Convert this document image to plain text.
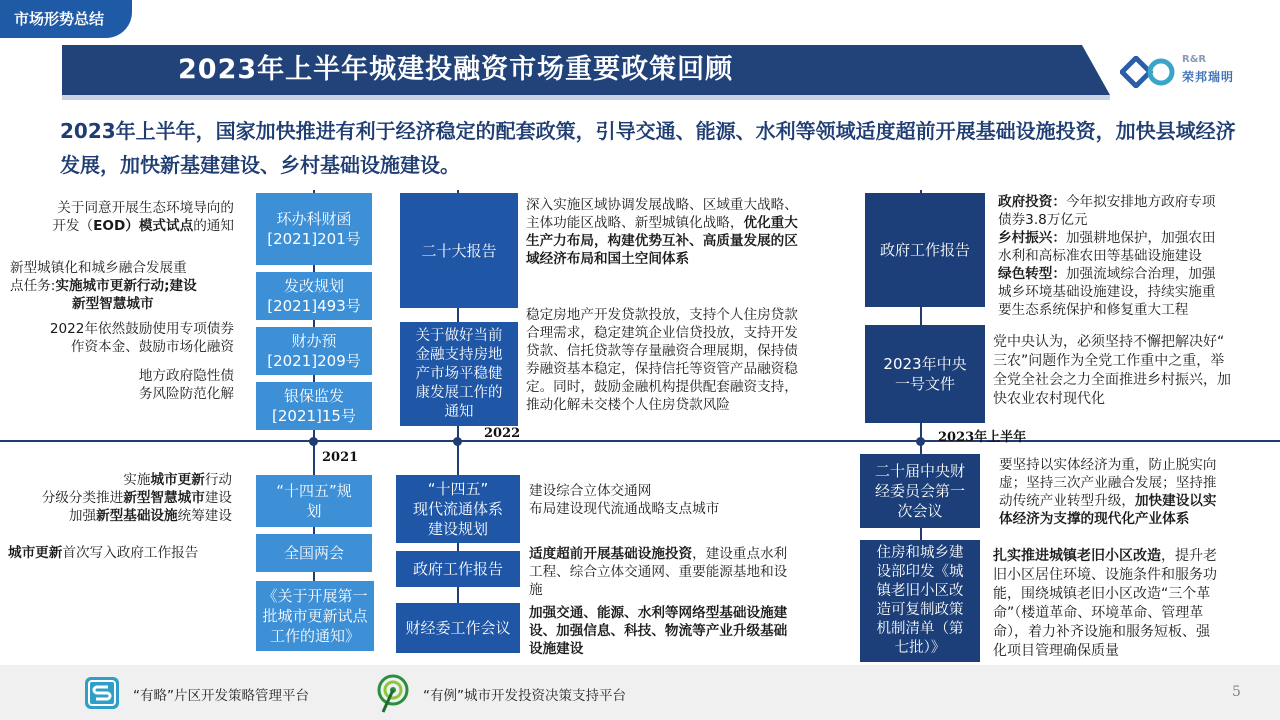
市场形势总结
2023年上半年城建投融资市场重要政策回顾	R&R
荣邦瑞明
2023年上半年，国家加快推进有利于经济稳定的配套政策，引导交通、能源、水利等领域适度超前开展基础设施投资，加快县域经济发展，加快新基建建设、乡村基础设施建设。
2021
2022	2023年上半年
环办科财函
[2021]201号
发改规划
[2021]493号
财办预
[2021]209号
银保监发
[2021]15号
关于同意开展生态环境导向的
开发（EOD）模式试点的通知
新型城镇化和城乡融合发展重
点任务:实施城市更新行动;建设
新型智慧城市
2022年依然鼓励使用专项债券
作资本金、鼓励市场化融资
地方政府隐性债
务风险防范化解
“十四五”规
划
全国两会
《关于开展第一
批城市更新试点
工作的通知》
实施城市更新行动
分级分类推进新型智慧城市建设
加强新型基础设施统筹建设
城市更新首次写入政府工作报告
二十大报告
关于做好当前
金融支持房地
产市场平稳健
康发展工作的
通知
深入实施区域协调发展战略、区域重大战略、
主体功能区战略、新型城镇化战略，优化重大
生产力布局，构建优势互补、高质量发展的区
域经济布局和国土空间体系
稳定房地产开发贷款投放，支持个人住房贷款
合理需求，稳定建筑企业信贷投放，支持开发
贷款、信托贷款等存量融资合理展期，保持债
券融资基本稳定，保持信托等资管产品融资稳
定。同时，鼓励金融机构提供配套融资支持，
推动化解未交楼个人住房贷款风险
“十四五”
现代流通体系
建设规划
政府工作报告
财经委工作会议
建设综合立体交通网
布局建设现代流通战略支点城市
适度超前开展基础设施投资，建设重点水利
工程、综合立体交通网、重要能源基地和设
施
加强交通、能源、水利等网络型基础设施建
设、加强信息、科技、物流等产业升级基础
设施建设
政府工作报告
2023年中央
一号文件
政府投资：今年拟安排地方政府专项
债券3.8万亿元
乡村振兴：加强耕地保护，加强农田
水利和高标准农田等基础设施建设
绿色转型：加强流域综合治理，加强
城乡环境基础设施建设，持续实施重
要生态系统保护和修复重大工程
党中央认为，必须坚持不懈把解决好“
三农”问题作为全党工作重中之重，举
全党全社会之力全面推进乡村振兴，加
快农业农村现代化
二十届中央财
经委员会第一
次会议
住房和城乡建
设部印发《城
镇老旧小区改
造可复制政策
机制清单（第
七批）》
要坚持以实体经济为重，防止脱实向
虚；坚持三次产业融合发展；坚持推
动传统产业转型升级，加快建设以实
体经济为支撑的现代化产业体系
扎实推进城镇老旧小区改造，提升老
旧小区居住环境、设施条件和服务功
能，围绕城镇老旧小区改造“三个革
命”（楼道革命、环境革命、管理革
命），着力补齐设施和服务短板、强
化项目管理确保质量
“有略”片区开发策略管理平台	“有例”城市开发投资决策支持平台	5
